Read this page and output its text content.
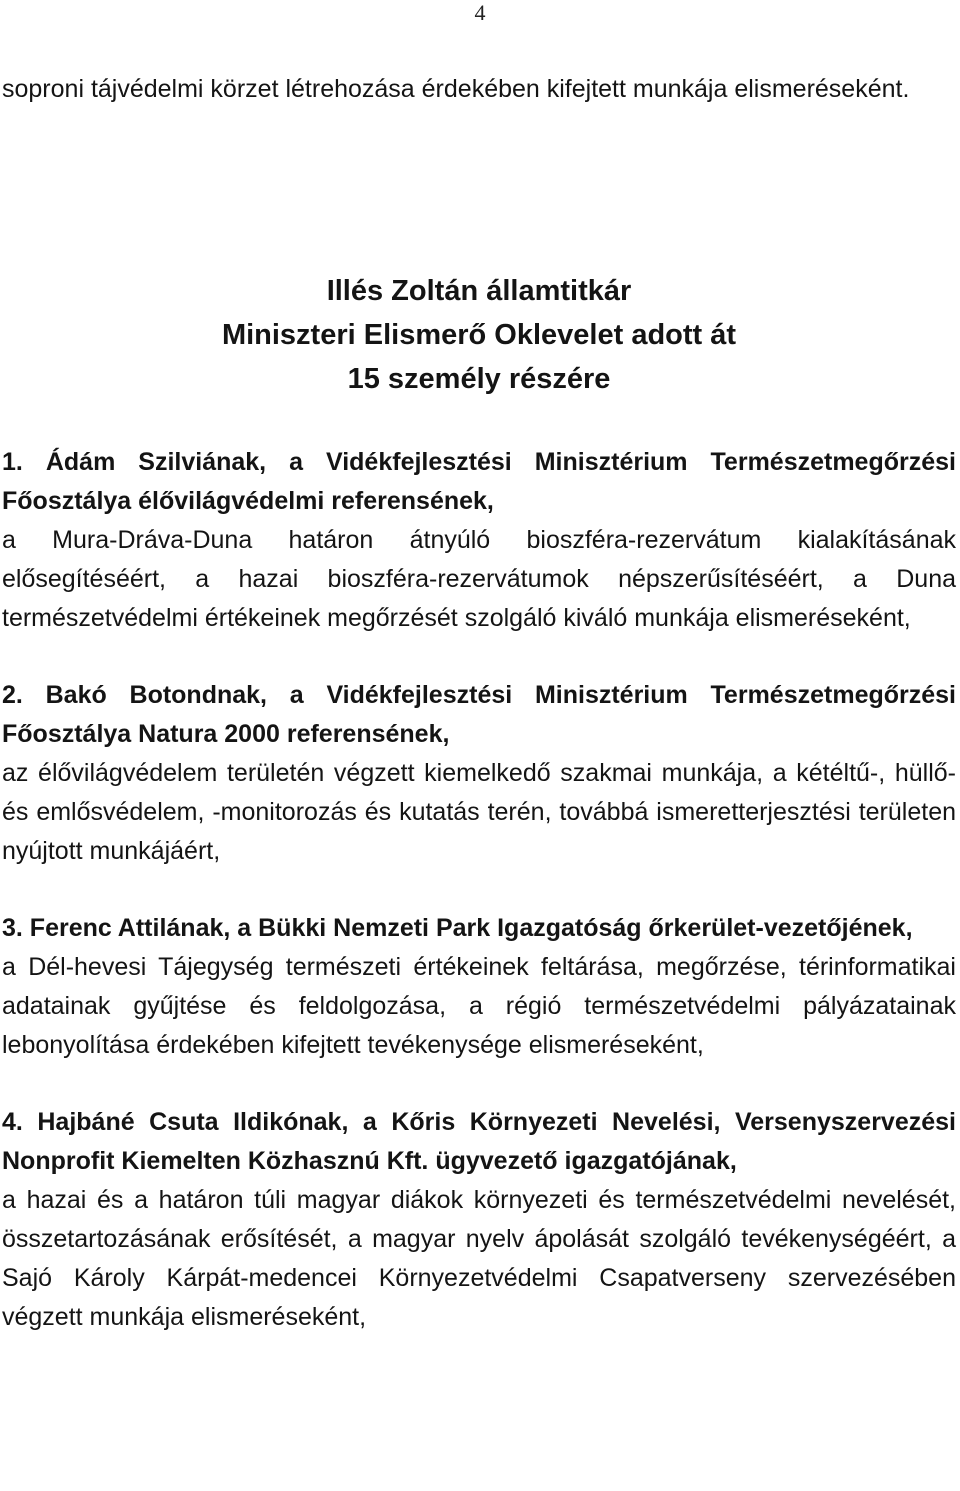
4

soproni tájvédelmi körzet létrehozása érdekében kifejtett munkája elismeréseként.

Illés Zoltán államtitkár
Miniszteri Elismerő Oklevelet adott át
15 személy részére
1. Ádám Szilviának, a Vidékfejlesztési Minisztérium Természetmegőrzési Főosztálya élővilágvédelmi referensének,
a Mura-Dráva-Duna határon átnyúló bioszféra-rezervátum kialakításának elősegítéséért, a hazai bioszféra-rezervátumok népszerűsítéséért, a Duna természetvédelmi értékeinek megőrzését szolgáló kiváló munkája elismeréseként,
2. Bakó Botondnak, a Vidékfejlesztési Minisztérium Természetmegőrzési Főosztálya Natura 2000 referensének,
az élővilágvédelem területén végzett kiemelkedő szakmai munkája, a kétéltű-, hüllő- és emlősvédelem, -monitorozás és kutatás terén, továbbá ismeretterjesztési területen nyújtott munkájáért,
3. Ferenc Attilának, a Bükki Nemzeti Park Igazgatóság őrkerület-vezetőjének,
a Dél-hevesi Tájegység természeti értékeinek feltárása, megőrzése, térinformatikai adatainak gyűjtése és feldolgozása, a régió természetvédelmi pályázatainak lebonyolítása érdekében kifejtett tevékenysége elismeréseként,
4. Hajbáné Csuta Ildikónak, a Kőris Környezeti Nevelési, Versenyszervezési Nonprofit Kiemelten Közhasznú Kft. ügyvezető igazgatójának,
a hazai és a határon túli magyar diákok környezeti és természetvédelmi nevelését, összetartozásának erősítését, a magyar nyelv ápolását szolgáló tevékenységéért, a Sajó Károly Kárpát-medencei Környezetvédelmi Csapatverseny szervezésében végzett munkája elismeréseként,
